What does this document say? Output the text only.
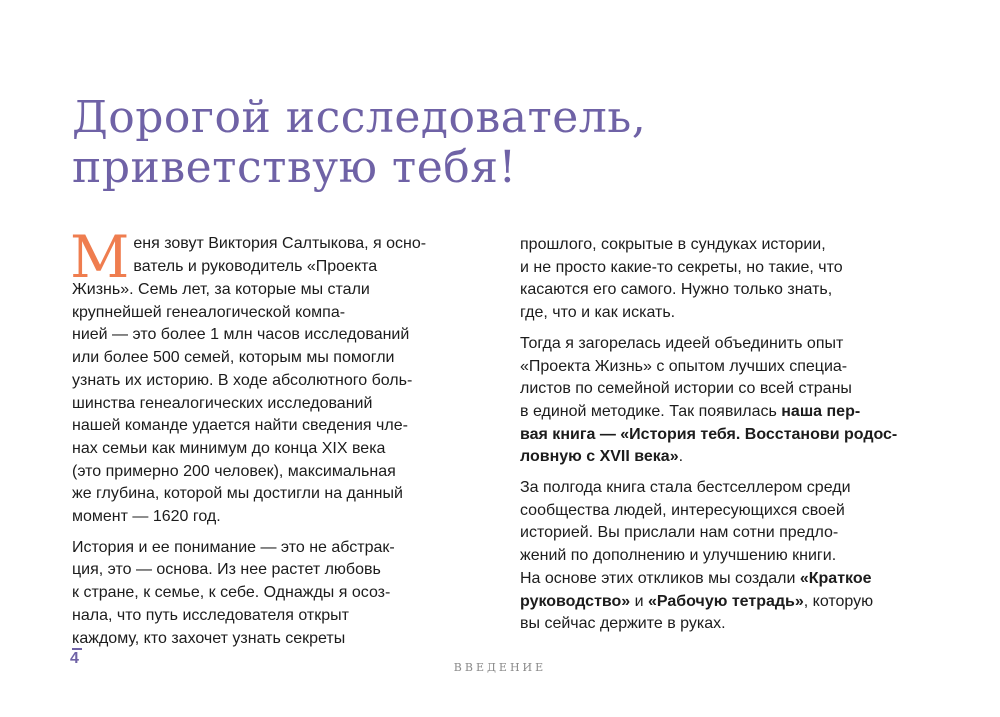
Дорогой исследователь,
приветствую тебя!

М еня зовут Виктория Салтыкова, я осно-
ватель и руководитель «Проекта
Жизнь». Семь лет, за которые мы стали
крупнейшей генеалогической компа-
нией — это более 1 млн часов исследований
или более 500 семей, которым мы помогли
узнать их историю. В ходе абсолютного боль-
шинства генеалогических исследований
нашей команде удается найти сведения чле-
нах семьи как минимум до конца XIX века
(это примерно 200 человек), максимальная
же глубина, которой мы достигли на данный
момент — 1620 год.

История и ее понимание — это не абстрак-
ция, это — основа. Из нее растет любовь
к стране, к семье, к себе. Однажды я осоз-
нала, что путь исследователя открыт
каждому, кто захочет узнать секреты

прошлого, сокрытые в сундуках истории,
и не просто какие-то секреты, но такие, что
касаются его самого. Нужно только знать,
где, что и как искать.

Тогда я загорелась идеей объединить опыт
«Проекта Жизнь» с опытом лучших специа-
листов по семейной истории со всей страны
в единой методике. Так появилась наша пер-
вая книга — «История тебя. Восстанови родос-
ловную с XVII века».

За полгода книга стала бестселлером среди
сообщества людей, интересующихся своей
историей. Вы прислали нам сотни предло-
жений по дополнению и улучшению книги.
На основе этих откликов мы создали «Краткое
руководство» и «Рабочую тетрадь», которую
вы сейчас держите в руках.

4
ВВЕДЕНИЕ
